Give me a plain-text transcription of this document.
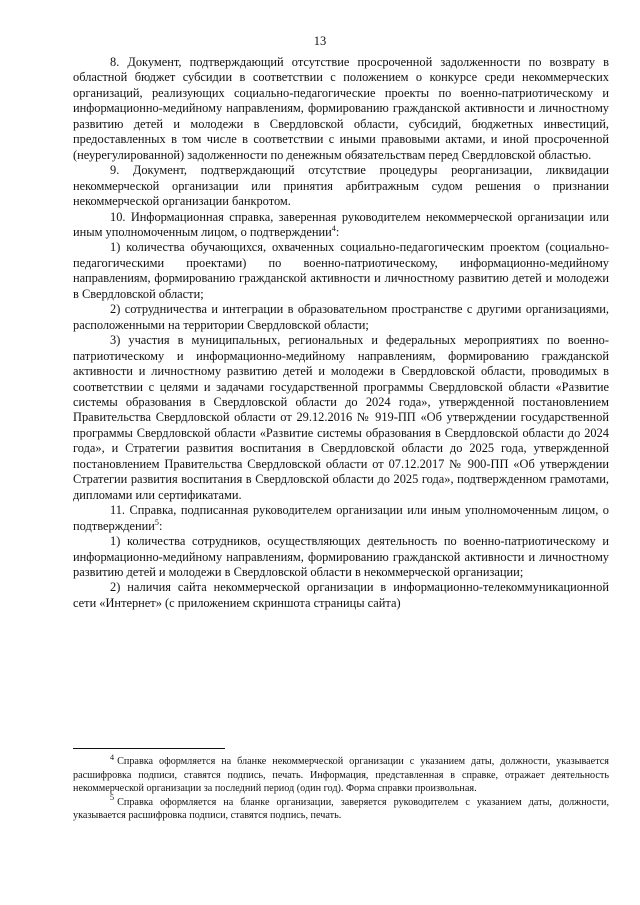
13

8. Документ, подтверждающий отсутствие просроченной задолженности по возврату в областной бюджет субсидии в соответствии с положением о конкурсе среди некоммерческих организаций, реализующих социально-педагогические проекты по военно-патриотическому и информационно-медийному направлениям, формированию гражданской активности и личностному развитию детей и молодежи в Свердловской области, субсидий, бюджетных инвестиций, предоставленных в том числе в соответствии с иными правовыми актами, и иной просроченной (неурегулированной) задолженности по денежным обязательствам перед Свердловской областью.

9. Документ, подтверждающий отсутствие процедуры реорганизации, ликвидации некоммерческой организации или принятия арбитражным судом решения о признании некоммерческой организации банкротом.

10. Информационная справка, заверенная руководителем некоммерческой организации или иным уполномоченным лицом, о подтверждении$^4$:

1) количества обучающихся, охваченных социально-педагогическим проектом (социально-педагогическими проектами) по военно-патриотическому, информационно-медийному направлениям, формированию гражданской активности и личностному развитию детей и молодежи в Свердловской области;

2) сотрудничества и интеграции в образовательном пространстве с другими организациями, расположенными на территории Свердловской области;

3) участия в муниципальных, региональных и федеральных мероприятиях по военно-патриотическому и информационно-медийному направлениям, формированию гражданской активности и личностному развитию детей и молодежи в Свердловской области, проводимых в соответствии с целями и задачами государственной программы Свердловской области «Развитие системы образования в Свердловской области до 2024 года», утвержденной постановлением Правительства Свердловской области от 29.12.2016 № 919-ПП «Об утверждении государственной программы Свердловской области «Развитие системы образования в Свердловской области до 2024 года», и Стратегии развития воспитания в Свердловской области до 2025 года, утвержденной постановлением Правительства Свердловской области от 07.12.2017 № 900-ПП «Об утверждении Стратегии развития воспитания в Свердловской области до 2025 года», подтвержденном грамотами, дипломами или сертификатами.

11. Справка, подписанная руководителем организации или иным уполномоченным лицом, о подтверждении$^5$:

1) количества сотрудников, осуществляющих деятельность по военно-патриотическому и информационно-медийному направлениям, формированию гражданской активности и личностному развитию детей и молодежи в Свердловской области в некоммерческой организации;

2) наличия сайта некоммерческой организации в информационно-телекоммуникационной сети «Интернет» (с приложением скриншота страницы сайта)

$^4$ Справка оформляется на бланке некоммерческой организации с указанием даты, должности, указывается расшифровка подписи, ставятся подпись, печать. Информация, представленная в справке, отражает деятельность некоммерческой организации за последний период (один год). Форма справки произвольная.

$^5$ Справка оформляется на бланке организации, заверяется руководителем с указанием даты, должности, указывается расшифровка подписи, ставятся подпись, печать.
